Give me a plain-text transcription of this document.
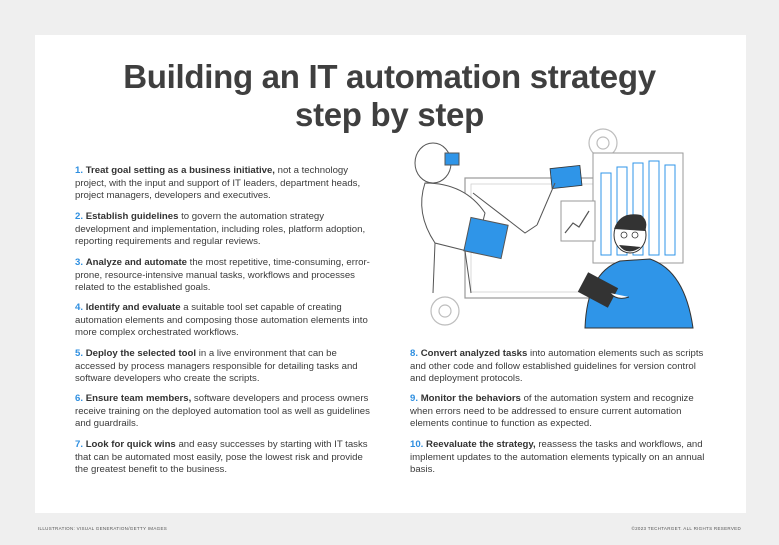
Building an IT automation strategy
step by step
1. Treat goal setting as a business initiative, not a technology project, with the input and support of IT leaders, department heads, project managers, developers and executives.
2. Establish guidelines to govern the automation strategy development and implementation, including roles, platform adoption, reporting requirements and regular reviews.
3. Analyze and automate the most repetitive, time-consuming, error-prone, resource-intensive manual tasks, workflows and processes related to the established goals.
4. Identify and evaluate a suitable tool set capable of creating automation elements and composing those automation elements into more complex orchestrated workflows.
5. Deploy the selected tool in a live environment that can be accessed by process managers responsible for detailing tasks and software developers who create the scripts.
6. Ensure team members, software developers and process owners receive training on the deployed automation tool as well as guidelines and guardrails.
7. Look for quick wins and easy successes by starting with IT tasks that can be automated most easily, pose the lowest risk and provide the greatest benefit to the business.
8. Convert analyzed tasks into automation elements such as scripts and other code and follow established guidelines for version control and deployment protocols.
9. Monitor the behaviors of the automation system and recognize when errors need to be addressed to ensure current automation elements continue to function as expected.
10. Reevaluate the strategy, reassess the tasks and workflows, and implement updates to the automation elements typically on an annual basis.
ILLUSTRATION: VISUAL GENERATION/GETTY IMAGES	©2023 TECHTARGET. ALL RIGHTS RESERVED
